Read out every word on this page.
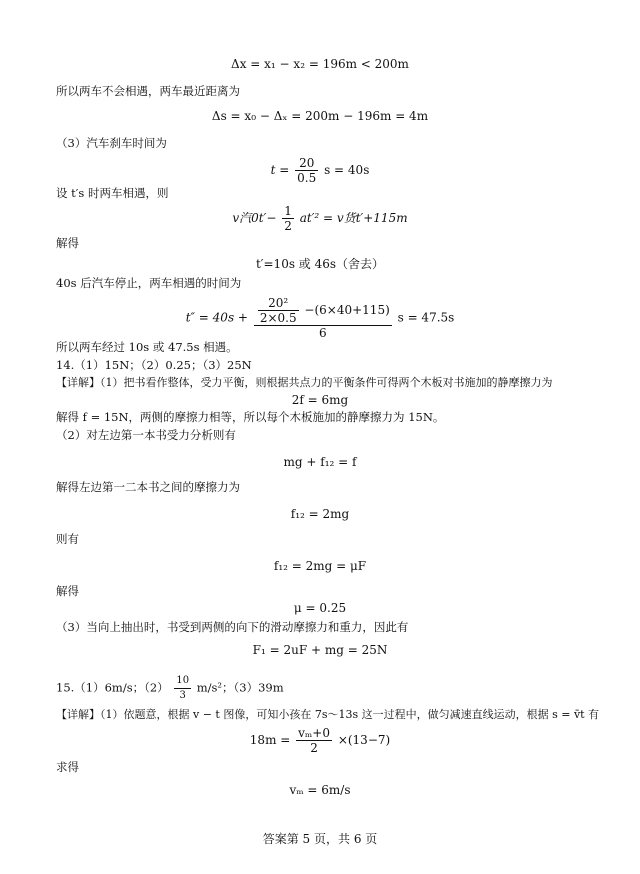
Δx = x₁ − x₂ = 196m < 200m
所以两车不会相遇，两车最近距离为
Δs = x₀ − Δₓ = 200m − 196m = 4m
（3）汽车刹车时间为
$t = \frac{20}{0.5}$ s = 40s
设 t′s 时两车相遇，则
v汽$0t'- \frac{1}{2} at'^2 = v$货t′+115m
解得
t′=10s 或 46s（舍去）
40s 后汽车停止，两车相遇的时间为
$t'' = 40s + \frac{\frac{\text{20²}}{2\times 0.5} -(6\times 40+115)}{6}$ s = 47.5s
所以两车经过 10s 或 47.5s 相遇。
14.（1）15N；（2）0.25；（3）25N
【详解】（1）把书看作整体，受力平衡，则根据共点力的平衡条件可得两个木板对书施加的静摩擦力为
2f = 6mg
解得 f = 15N，两侧的摩擦力相等，所以每个木板施加的静摩擦力为 15N。
（2）对左边第一本书受力分析则有
mg + f₁₂ = f
解得左边第一二本书之间的摩擦力为
f₁₂ = 2mg
则有
f₁₂ = 2mg = μF
解得
μ = 0.25
（3）当向上抽出时，书受到两侧的向下的滑动摩擦力和重力，因此有
F₁ = 2uF + mg = 25N
15.（1）6m/s；$(2) \frac{10}{3} m/s^2$；（3）39m
【详解】（1）依题意，根据 v − t 图像，可知小孩在 7s～13s 这一过程中，做匀减速直线运动，根据 s = v̄t 有
$18m = \frac{\text{vₘ+0}}{2} \times(13-7)$
求得
vₘ = 6m/s
答案第 5 页，共 6 页
